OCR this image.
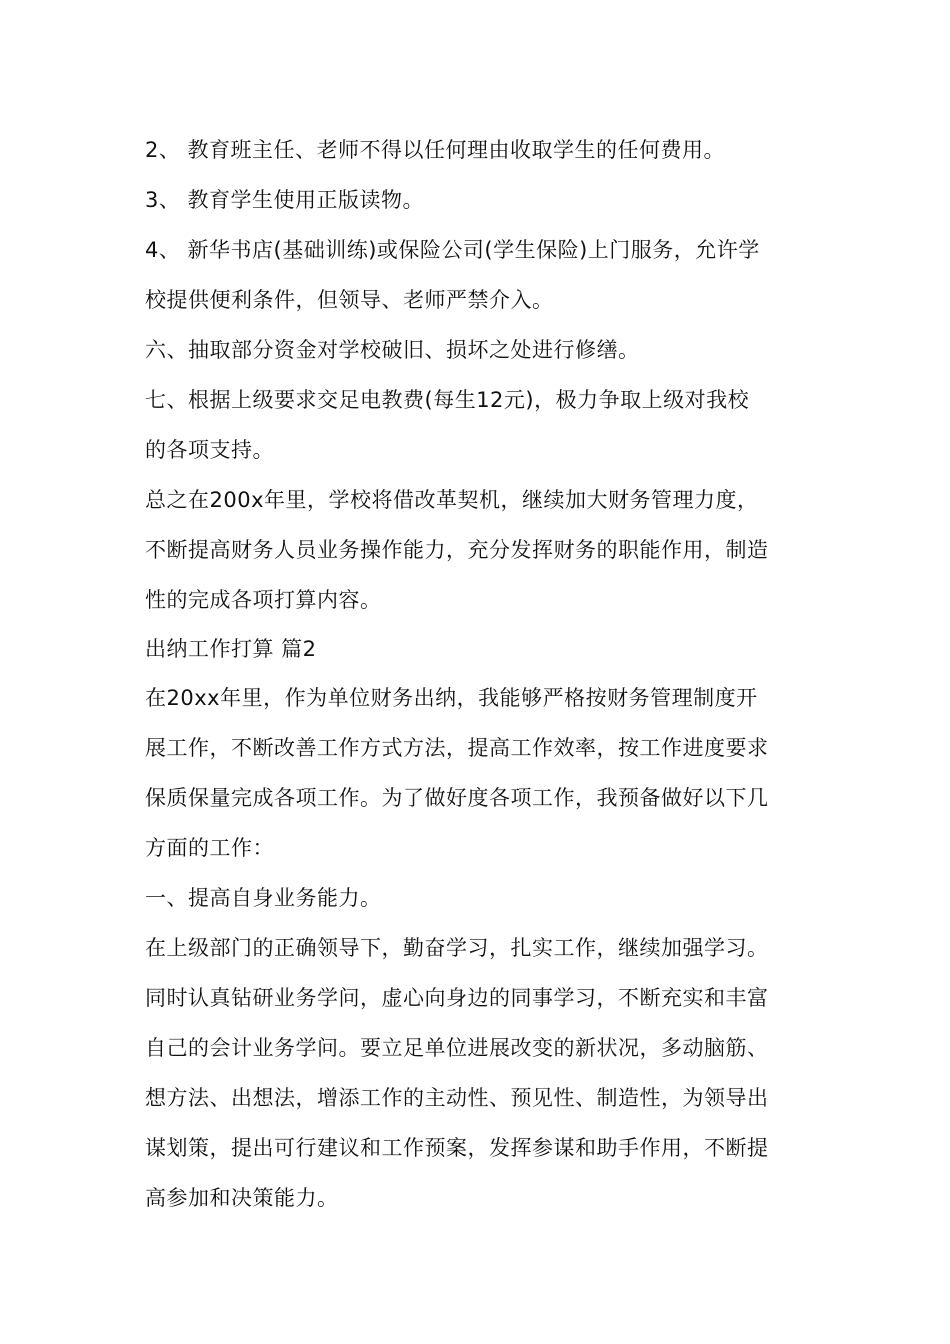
2、 教育班主任、老师不得以任何理由收取学生的任何费用。
3、 教育学生使用正版读物。
4、 新华书店(基础训练)或保险公司(学生保险)上门服务，允许学
校提供便利条件，但领导、老师严禁介入。
六、抽取部分资金对学校破旧、损坏之处进行修缮。
七、根据上级要求交足电教费(每生12元)，极力争取上级对我校
的各项支持。
总之在200x年里，学校将借改革契机，继续加大财务管理力度，
不断提高财务人员业务操作能力，充分发挥财务的职能作用，制造
性的完成各项打算内容。
出纳工作打算 篇2
在20xx年里，作为单位财务出纳，我能够严格按财务管理制度开
展工作，不断改善工作方式方法，提高工作效率，按工作进度要求
保质保量完成各项工作。为了做好度各项工作，我预备做好以下几
方面的工作：
一、提高自身业务能力。
在上级部门的正确领导下，勤奋学习，扎实工作，继续加强学习。
同时认真钻研业务学问，虚心向身边的同事学习，不断充实和丰富
自己的会计业务学问。要立足单位进展改变的新状况，多动脑筋、
想方法、出想法，增添工作的主动性、预见性、制造性，为领导出
谋划策，提出可行建议和工作预案，发挥参谋和助手作用，不断提
高参加和决策能力。
